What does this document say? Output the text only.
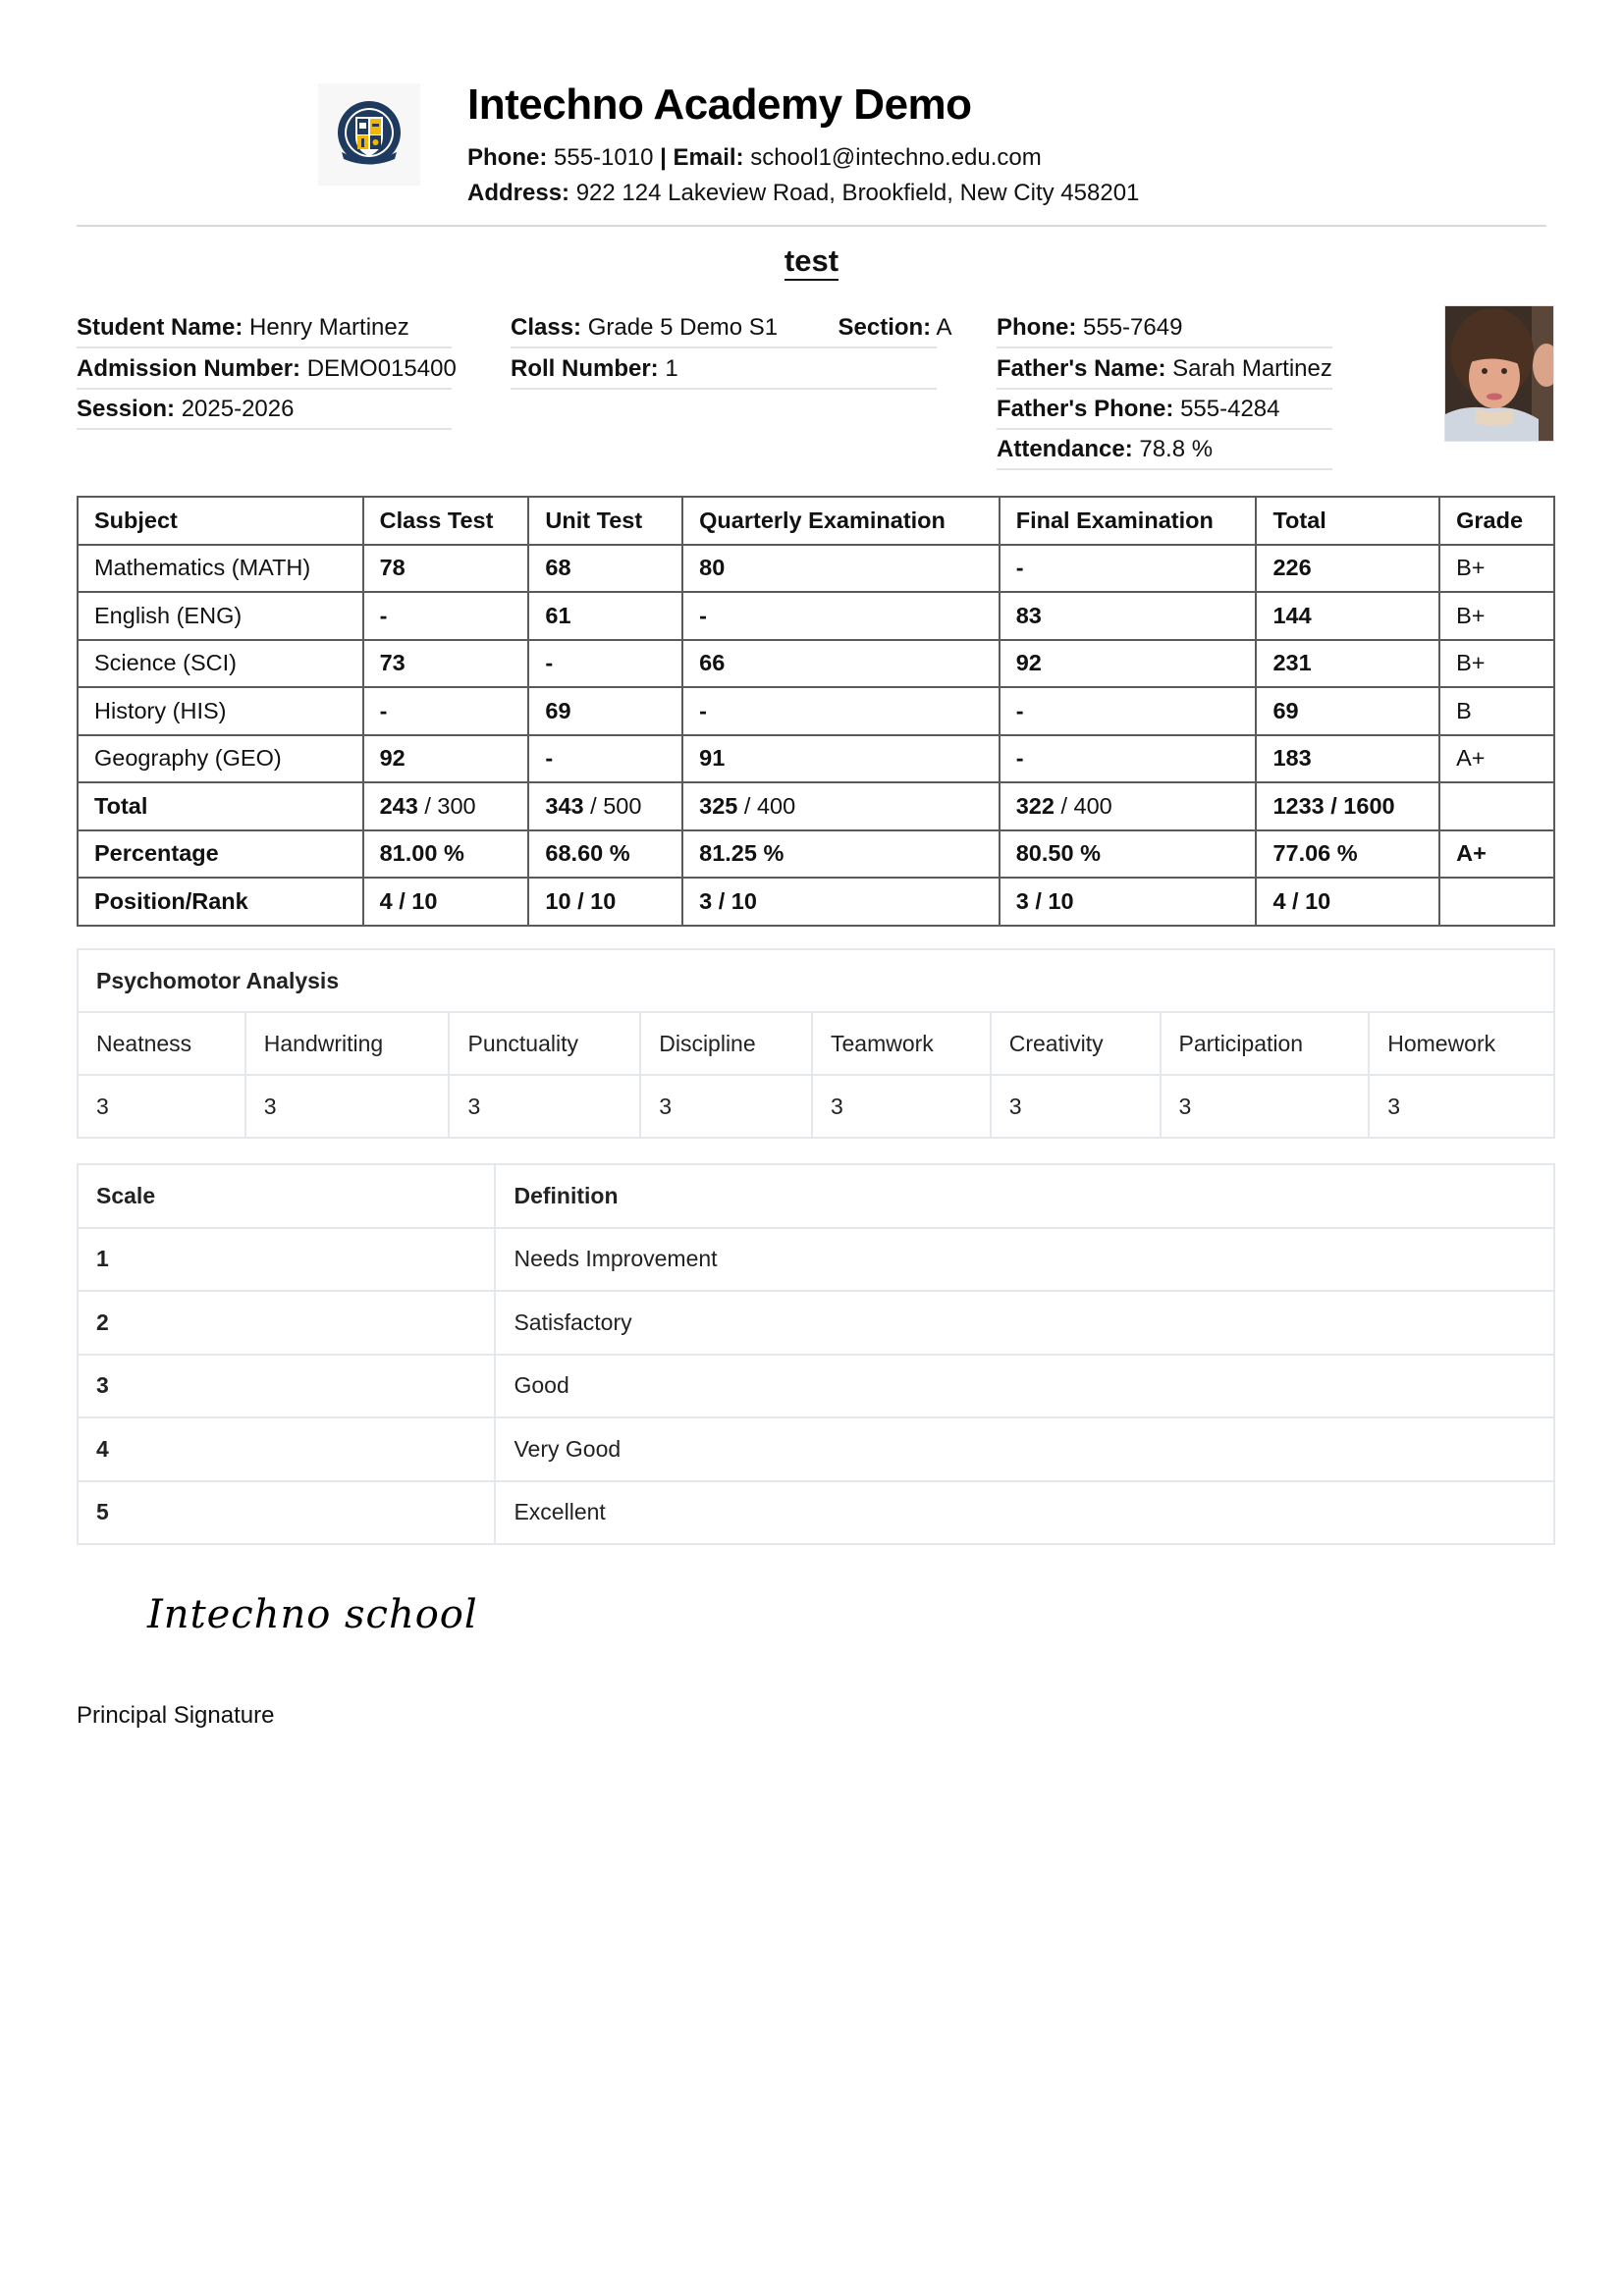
Intechno Academy Demo
Phone: 555-1010 | Email: school1@intechno.edu.com
Address: 922 124 Lakeview Road, Brookfield, New City 458201
test
Student Name: Henry Martinez
Admission Number: DEMO015400
Session: 2025-2026
Class: Grade 5 Demo S1	Section: A
Roll Number: 1
Phone: 555-7649
Father's Name: Sarah Martinez
Father's Phone: 555-4284
Attendance: 78.8 %
Subject	Class Test	Unit Test	Quarterly Examination	Final Examination	Total	Grade
Mathematics (MATH)	78	68	80	-	226	B+
English (ENG)	-	61	-	83	144	B+
Science (SCI)	73	-	66	92	231	B+
History (HIS)	-	69	-	-	69	B
Geography (GEO)	92	-	91	-	183	A+
Total	243 / 300	343 / 500	325 / 400	322 / 400	1233 / 1600	
Percentage	81.00 %	68.60 %	81.25 %	80.50 %	77.06 %	A+
Position/Rank	4 / 10	10 / 10	3 / 10	3 / 10	4 / 10	
Psychomotor Analysis							
Neatness	Handwriting	Punctuality	Discipline	Teamwork	Creativity	Participation	Homework
3	3	3	3	3	3	3	3
Scale	Definition
1	Needs Improvement
2	Satisfactory
3	Good
4	Very Good
5	Excellent
Intechno school
Principal Signature
